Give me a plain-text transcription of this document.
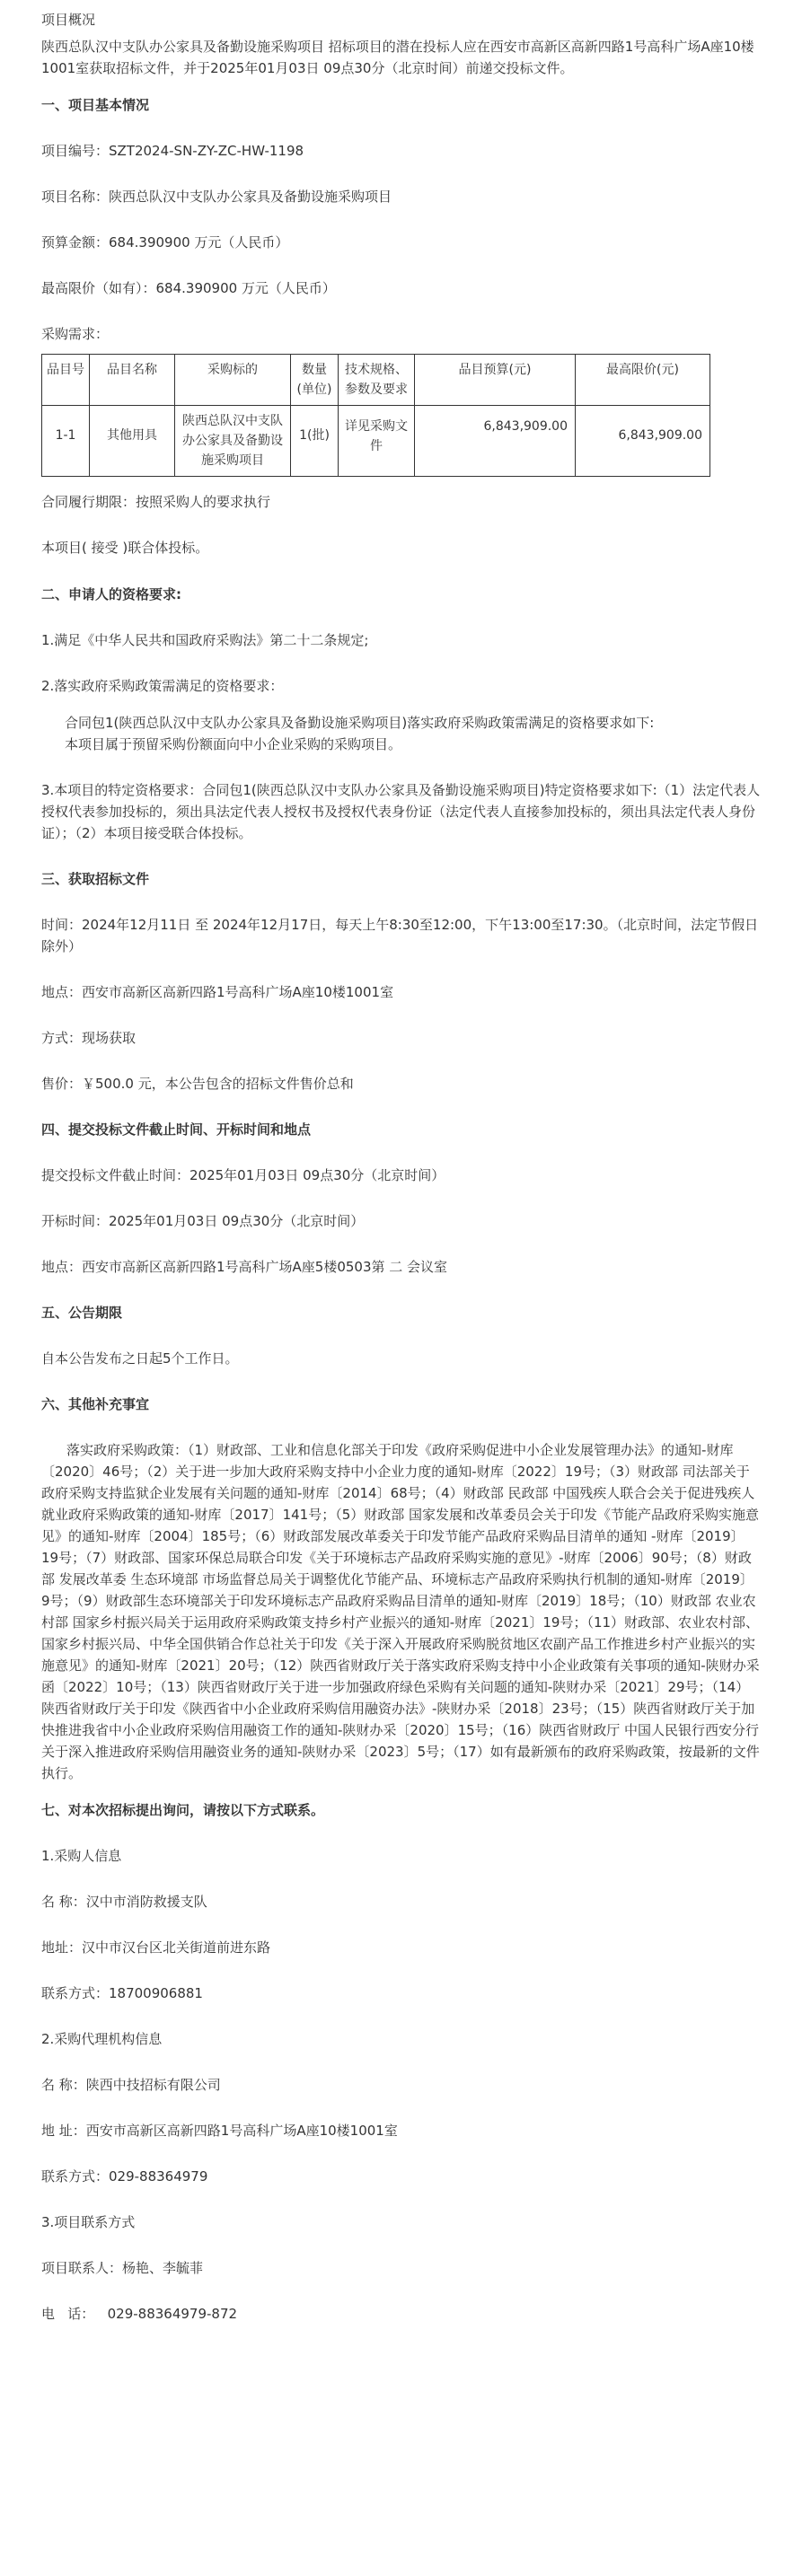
项目概况

陕西总队汉中支队办公家具及备勤设施采购项目 招标项目的潜在投标人应在西安市高新区高新四路1号高科广场A座10楼1001室获取招标文件，并于2025年01月03日 09点30分（北京时间）前递交投标文件。

一、项目基本情况

项目编号：SZT2024-SN-ZY-ZC-HW-1198

项目名称：陕西总队汉中支队办公家具及备勤设施采购项目

预算金额：684.390900 万元（人民币）

最高限价（如有）：684.390900 万元（人民币）

采购需求：

品目号	品目名称	采购标的	数量(单位)	技术规格、参数及要求	品目预算(元)	最高限价(元)
1-1	其他用具	陕西总队汉中支队办公家具及备勤设施采购项目	1(批)	详见采购文件	6,843,909.00	6,843,909.00

合同履行期限：按照采购人的要求执行

本项目( 接受 )联合体投标。

二、申请人的资格要求:

1.满足《中华人民共和国政府采购法》第二十二条规定;

2.落实政府采购政策需满足的资格要求：

合同包1(陕西总队汉中支队办公家具及备勤设施采购项目)落实政府采购政策需满足的资格要求如下:

本项目属于预留采购份额面向中小企业采购的采购项目。

3.本项目的特定资格要求：合同包1(陕西总队汉中支队办公家具及备勤设施采购项目)特定资格要求如下:（1）法定代表人授权代表参加投标的，须出具法定代表人授权书及授权代表身份证（法定代表人直接参加投标的，须出具法定代表人身份证）；（2）本项目接受联合体投标。

三、获取招标文件

时间：2024年12月11日 至 2024年12月17日，每天上午8:30至12:00，下午13:00至17:30。（北京时间，法定节假日除外）

地点：西安市高新区高新四路1号高科广场A座10楼1001室

方式：现场获取

售价：￥500.0 元，本公告包含的招标文件售价总和

四、提交投标文件截止时间、开标时间和地点

提交投标文件截止时间：2025年01月03日 09点30分（北京时间）

开标时间：2025年01月03日 09点30分（北京时间）

地点：西安市高新区高新四路1号高科广场A座5楼0503第 二 会议室

五、公告期限

自本公告发布之日起5个工作日。

六、其他补充事宜

落实政府采购政策：（1）财政部、工业和信息化部关于印发《政府采购促进中小企业发展管理办法》的通知-财库〔2020〕46号；（2）关于进一步加大政府采购支持中小企业力度的通知-财库〔2022〕19号；（3）财政部 司法部关于政府采购支持监狱企业发展有关问题的通知-财库〔2014〕68号；（4）财政部 民政部 中国残疾人联合会关于促进残疾人就业政府采购政策的通知-财库〔2017〕141号；（5）财政部 国家发展和改革委员会关于印发《节能产品政府采购实施意见》的通知-财库〔2004〕185号；（6）财政部发展改革委关于印发节能产品政府采购品目清单的通知 -财库〔2019〕19号；（7）财政部、国家环保总局联合印发《关于环境标志产品政府采购实施的意见》-财库〔2006〕90号；（8）财政部 发展改革委 生态环境部 市场监督总局关于调整优化节能产品、环境标志产品政府采购执行机制的通知-财库〔2019〕9号；（9）财政部生态环境部关于印发环境标志产品政府采购品目清单的通知-财库〔2019〕18号；（10）财政部 农业农村部 国家乡村振兴局关于运用政府采购政策支持乡村产业振兴的通知-财库〔2021〕19号；（11）财政部、农业农村部、国家乡村振兴局、中华全国供销合作总社关于印发《关于深入开展政府采购脱贫地区农副产品工作推进乡村产业振兴的实施意见》的通知-财库〔2021〕20号；（12）陕西省财政厅关于落实政府采购支持中小企业政策有关事项的通知-陕财办采函〔2022〕10号；（13）陕西省财政厅关于进一步加强政府绿色采购有关问题的通知-陕财办采〔2021〕29号；（14）陕西省财政厅关于印发《陕西省中小企业政府采购信用融资办法》-陕财办采〔2018〕23号；（15）陕西省财政厅关于加快推进我省中小企业政府采购信用融资工作的通知-陕财办采〔2020〕15号；（16）陕西省财政厅 中国人民银行西安分行关于深入推进政府采购信用融资业务的通知-陕财办采〔2023〕5号；（17）如有最新颁布的政府采购政策，按最新的文件执行。

七、对本次招标提出询问，请按以下方式联系。

1.采购人信息

名 称：汉中市消防救援支队

地址：汉中市汉台区北关街道前进东路

联系方式：18700906881

2.采购代理机构信息

名 称：陕西中技招标有限公司

地 址：西安市高新区高新四路1号高科广场A座10楼1001室

联系方式：029-88364979

3.项目联系方式

项目联系人：杨艳、李毓菲

电   话：   029-88364979-872
